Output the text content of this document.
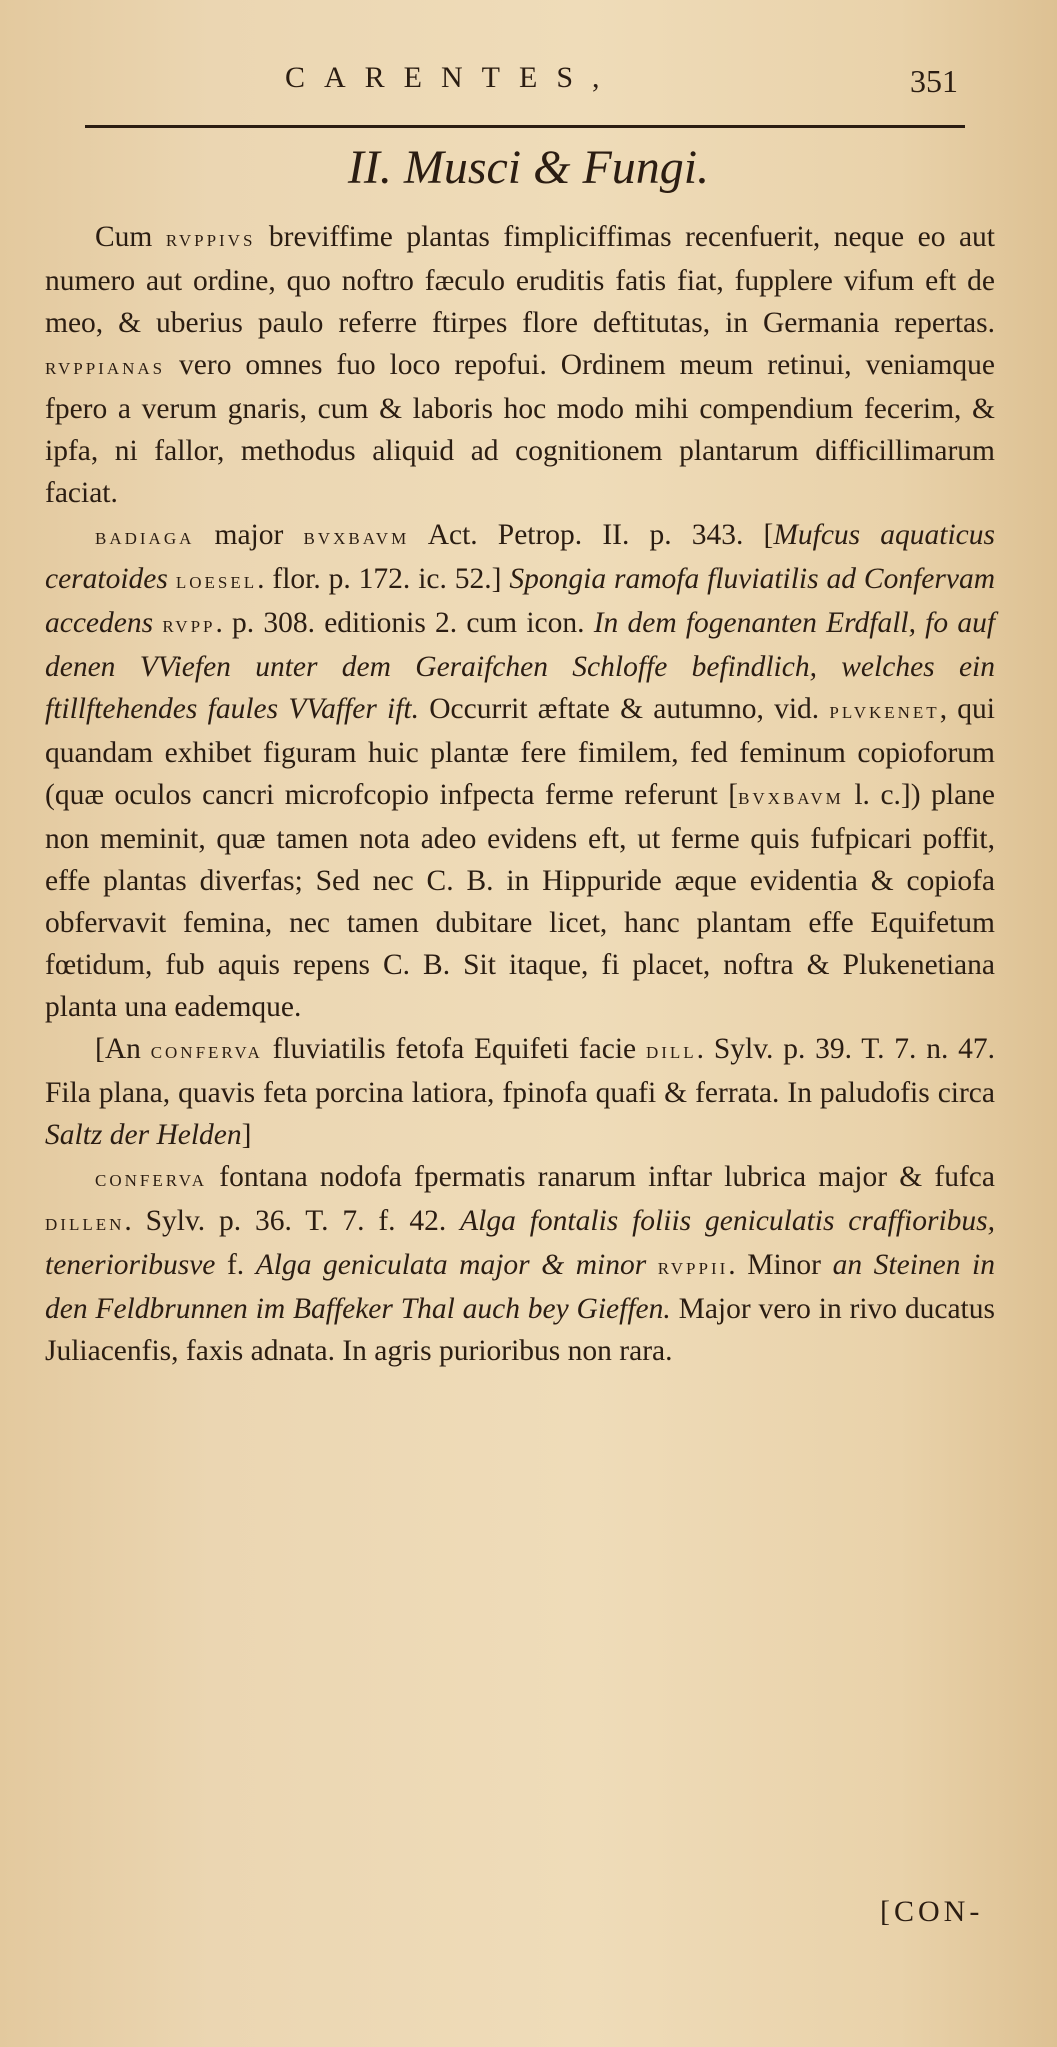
CARENTES,	351
II. Musci & Fungi.

Cum rvppivs breviffime plantas fimpliciffimas recenfuerit, neque eo aut numero aut ordine, quo noftro fæculo eruditis fatis fiat, fupplere vifum eft de meo, & uberius paulo referre ftirpes flore deftitutas, in Germania repertas. rvppianas vero omnes fuo loco repofui. Ordinem meum retinui, veniamque fpero a verum gnaris, cum & laboris hoc modo mihi compendium fecerim, & ipfa, ni fallor, methodus aliquid ad cognitionem plantarum difficillimarum faciat.

badiaga major bvxbavm Act. Petrop. II. p. 343. [Mufcus aquaticus ceratoides loesel. flor. p. 172. ic. 52.] Spongia ramofa fluviatilis ad Confervam accedens rvpp. p. 308. editionis 2. cum icon. In dem fogenanten Erdfall, fo auf denen VViefen unter dem Geraifchen Schloffe befindlich, welches ein ftillftehendes faules VVaffer ift. Occurrit æftate & autumno, vid. plvkenet, qui quandam exhibet figuram huic plantæ fere fimilem, fed feminum copioforum (quæ oculos cancri microfcopio infpecta ferme referunt [bvxbavm l. c.]) plane non meminit, quæ tamen nota adeo evidens eft, ut ferme quis fufpicari poffit, effe plantas diverfas; Sed nec C. B. in Hippuride æque evidentia & copiofa obfervavit femina, nec tamen dubitare licet, hanc plantam effe Equifetum fœtidum, fub aquis repens C. B. Sit itaque, fi placet, noftra & Plukenetiana planta una eademque.

[An conferva fluviatilis fetofa Equifeti facie dill. Sylv. p. 39. T. 7. n. 47. Fila plana, quavis feta porcina latiora, fpinofa quafi & ferrata. In paludofis circa Saltz der Helden]

conferva fontana nodofa fpermatis ranarum inftar lubrica major & fufca dillen. Sylv. p. 36. T. 7. f. 42. Alga fontalis foliis geniculatis craffioribus, tenerioribusve f. Alga geniculata major & minor rvppii. Minor an Steinen in den Feldbrunnen im Baffeker Thal auch bey Gieffen. Major vero in rivo ducatus Juliacenfis, faxis adnata. In agris purioribus non rara.

[CON-
